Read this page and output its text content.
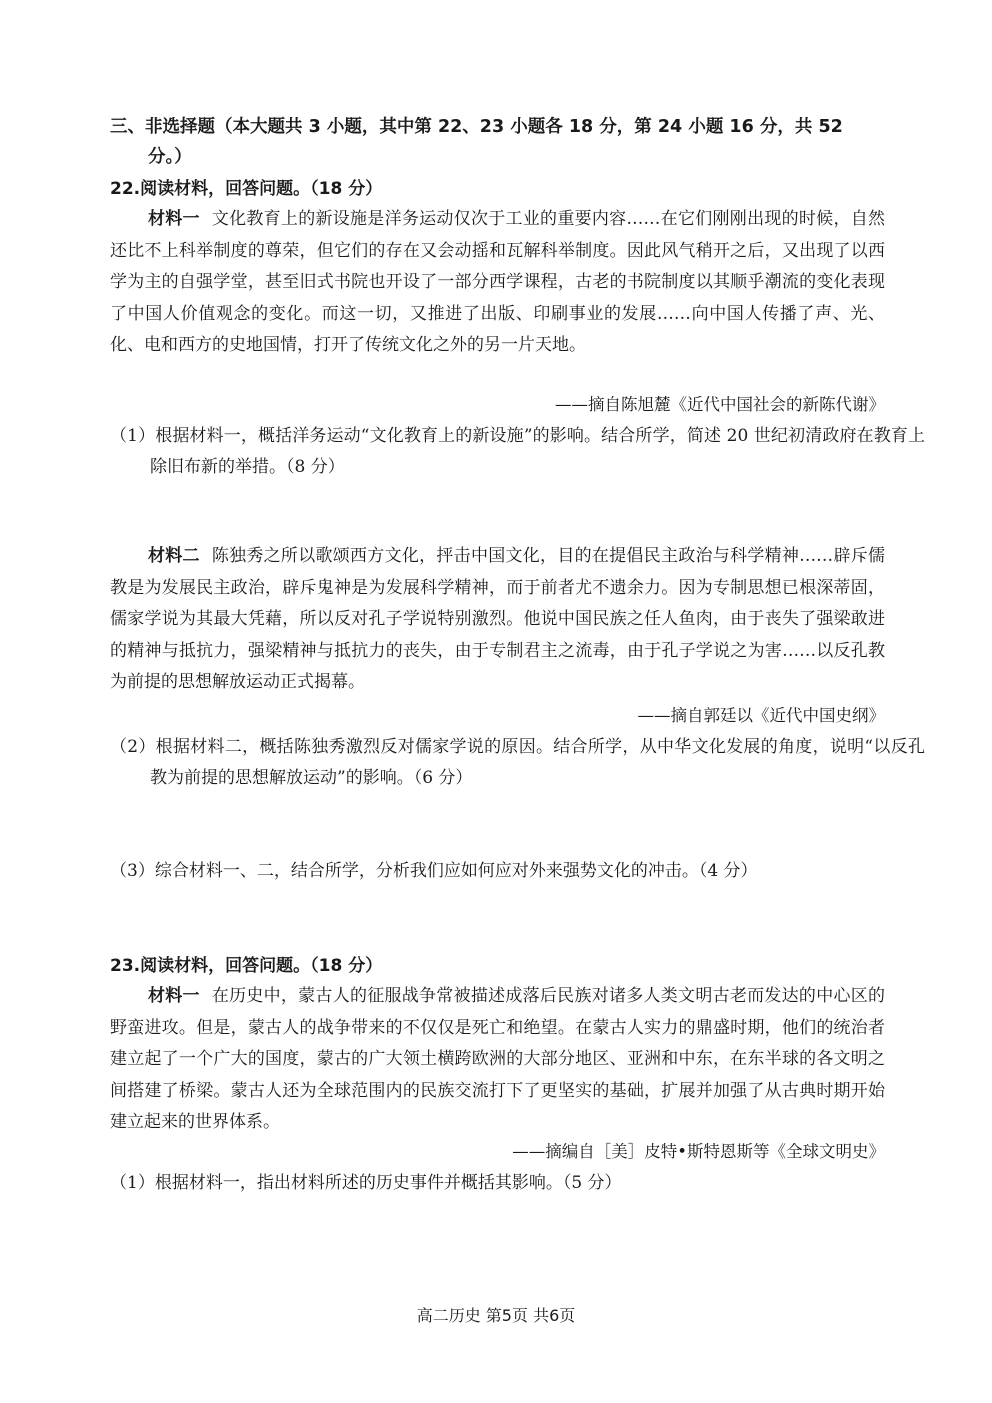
三、非选择题（本大题共 3 小题，其中第 22、23 小题各 18 分，第 24 小题 16 分，共 52
分。）
22.阅读材料，回答问题。（18 分）
材料一 文化教育上的新设施是洋务运动仅次于工业的重要内容……在它们刚刚出现的时候，自然还比不上科举制度的尊荣，但它们的存在又会动摇和瓦解科举制度。因此风气稍开之后，又出现了以西学为主的自强学堂，甚至旧式书院也开设了一部分西学课程，古老的书院制度以其顺乎潮流的变化表现了中国人价值观念的变化。而这一切，又推进了出版、印刷事业的发展……向中国人传播了声、光、化、电和西方的史地国情，打开了传统文化之外的另一片天地。
——摘自陈旭麓《近代中国社会的新陈代谢》
（1）根据材料一，概括洋务运动“文化教育上的新设施”的影响。结合所学，简述 20 世纪初清政府在教育上除旧布新的举措。（8 分）
材料二 陈独秀之所以歌颂西方文化，抨击中国文化，目的在提倡民主政治与科学精神……辟斥儒教是为发展民主政治，辟斥鬼神是为发展科学精神，而于前者尤不遗余力。因为专制思想已根深蒂固，儒家学说为其最大凭藉，所以反对孔子学说特别激烈。他说中国民族之任人鱼肉，由于丧失了强梁敢进的精神与抵抗力，强梁精神与抵抗力的丧失，由于专制君主之流毒，由于孔子学说之为害……以反孔教为前提的思想解放运动正式揭幕。
——摘自郭廷以《近代中国史纲》
（2）根据材料二，概括陈独秀激烈反对儒家学说的原因。结合所学，从中华文化发展的角度，说明“以反孔教为前提的思想解放运动”的影响。（6 分）
（3）综合材料一、二，结合所学，分析我们应如何应对外来强势文化的冲击。（4 分）
23.阅读材料，回答问题。（18 分）
材料一 在历史中，蒙古人的征服战争常被描述成落后民族对诸多人类文明古老而发达的中心区的野蛮进攻。但是，蒙古人的战争带来的不仅仅是死亡和绝望。在蒙古人实力的鼎盛时期，他们的统治者建立起了一个广大的国度，蒙古的广大领土横跨欧洲的大部分地区、亚洲和中东，在东半球的各文明之间搭建了桥梁。蒙古人还为全球范围内的民族交流打下了更坚实的基础，扩展并加强了从古典时期开始建立起来的世界体系。
——摘编自［美］皮特•斯特恩斯等《全球文明史》
（1）根据材料一，指出材料所述的历史事件并概括其影响。（5 分）
高二历史 第5页 共6页
